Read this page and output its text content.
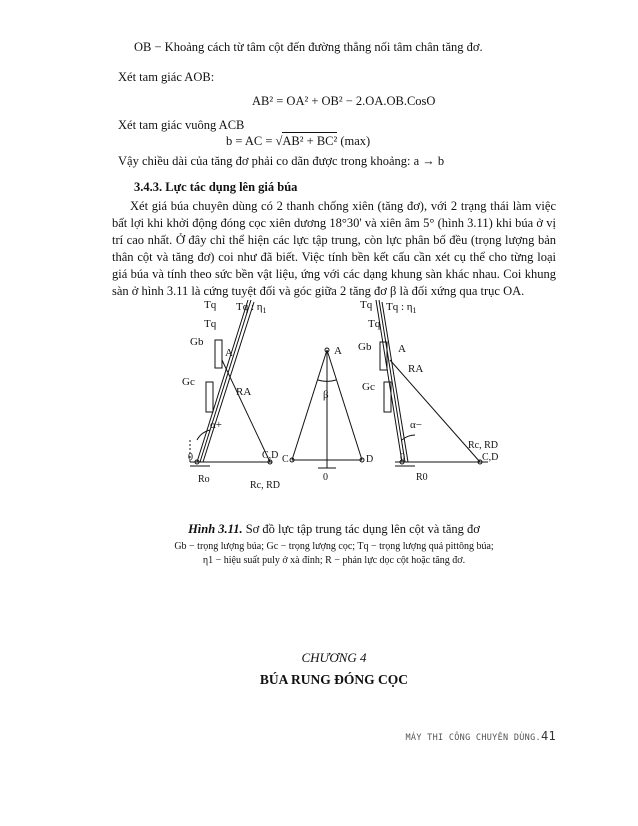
OB − Khoảng cách từ tâm cột đến đường thẳng nối tâm chân tăng đơ.
Xét tam giác AOB:
AB² = OA² + OB² − 2.OA.OB.CosO
Xét tam giác vuông ACB
b = AC = √AB² + BC² (max)
Vậy chiều dài của tăng đơ phải co dãn được trong khoảng: a → b
3.4.3. Lực tác dụng lên giá búa
Xét giá búa chuyên dùng có 2 thanh chống xiên (tăng đơ), với 2 trạng thái làm việc bất lợi khi khởi động đóng cọc xiên dương 18°30' và xiên âm 5° (hình 3.11) khi búa ở vị trí cao nhất. Ở đây chỉ thể hiện các lực tập trung, còn lực phân bố đều (trọng lượng bản thân cột và tăng đơ) coi như đã biết. Việc tính bền kết cấu cần xét cụ thể cho từng loại giá búa và tính theo sức bền vật liệu, ứng với các dạng khung sàn khác nhau. Coi khung sàn ở hình 3.11 là cứng tuyệt đối và góc giữa 2 tăng đơ β là đối xứng qua trục OA.
Tq Tq : $\eta_1$
Tq
Gb
A
Gc
RA
α+
0	C,D
Ro
Rc, RD
A
β
C	D
0
Tq Tq : $\eta_1$
Tq
Gb A
RA
Gc
α−
Rc, RD
0	C,D
R0
Hình 3.11. Sơ đồ lực tập trung tác dụng lên cột và tăng đơ
Gb − trọng lượng búa; Gc − trọng lượng cọc; Tq − trọng lượng quả pittông búa;
η1 − hiệu suất puly ở xà đỉnh; R − phản lực dọc cột hoặc tăng đơ.
CHƯƠNG 4
BÚA RUNG ĐÓNG CỌC
MÁY THI CÔNG CHUYÊN DÙNG.41
